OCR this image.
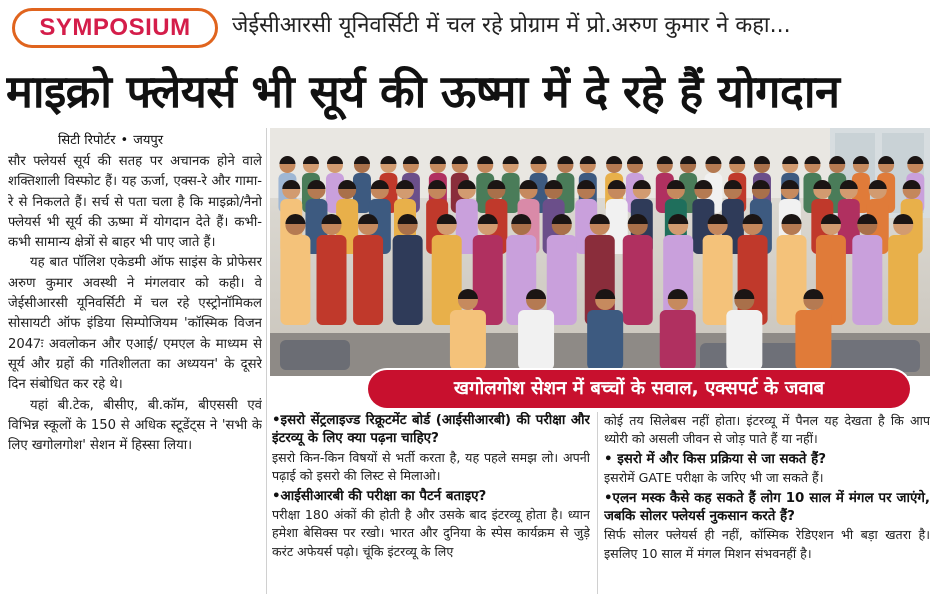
SYMPOSIUM	जेईसीआरसी यूनिवर्सिटी में चल रहे प्रोग्राम में प्रो.अरुण कुमार ने कहा...
माइक्रो फ्लेयर्स भी सूर्य की ऊष्मा में दे रहे हैं योगदान
सिटी रिपोर्टर • जयपुर

सौर फ्लेयर्स सूर्य की सतह पर अचानक होने वाले शक्तिशाली विस्फोट हैं। यह ऊर्जा, एक्स-रे और गामा-रे से निकलते हैं। सर्च से पता चला है कि माइक्रो/नैनो फ्लेयर्स भी सूर्य की ऊष्मा में योगदान देते हैं। कभी-कभी सामान्य क्षेत्रों से बाहर भी पाए जाते हैं।

यह बात पॉलिश एकेडमी ऑफ साइंस के प्रोफेसर अरुण कुमार अवस्थी ने मंगलवार को कही। वे जेईसीआरसी यूनिवर्सिटी में चल रहे एस्ट्रोनॉमिकल सोसायटी ऑफ इंडिया सिम्पोजियम 'कॉस्मिक विजन 2047ः अवलोकन और एआई/ एमएल के माध्यम से सूर्य और ग्रहों की गतिशीलता का अध्ययन' के दूसरे दिन संबोधित कर रहे थे।

यहां बी.टेक, बीसीए, बी.कॉम, बीएससी एवं विभिन्न स्कूलों के 150 से अधिक स्टूडेंट्स ने 'सभी के लिए खगोलगोश' सेशन में हिस्सा लिया।

खगोलगोश सेशन में बच्चों के सवाल, एक्सपर्ट के जवाब
•इसरो सेंट्रलाइज्ड रिक्रूटमेंट बोर्ड (आईसीआरबी) की परीक्षा और इंटरव्यू के लिए क्या पढ़ना चाहिए?
इसरो किन-किन विषयों से भर्ती करता है, यह पहले समझ लो। अपनी पढ़ाई को इसरो की लिस्ट से मिलाओ।
•आईसीआरबी की परीक्षा का पैटर्न बताइए?
परीक्षा 180 अंकों की होती है और उसके बाद इंटरव्यू होता है। ध्यान हमेशा बेसिक्स पर रखो। भारत और दुनिया के स्पेस कार्यक्रम से जुड़े करंट अफेयर्स पढ़ो। चूंकि इंटरव्यू के लिए
कोई तय सिलेबस नहीं होता। इंटरव्यू में पैनल यह देखता है कि आप थ्योरी को असली जीवन से जोड़ पाते हैं या नहीं।
• इसरो में और किस प्रक्रिया से जा सकते हैं?
इसरोमें GATE परीक्षा के जरिए भी जा सकते हैं।
•एलन मस्क कैसे कह सकते हैं लोग 10 साल में मंगल पर जाएंगे, जबकि सोलर फ्लेयर्स नुकसान करते हैं?
सिर्फ सोलर फ्लेयर्स ही नहीं, कॉस्मिक रेडिएशन भी बड़ा खतरा है। इसलिए 10 साल में मंगल मिशन संभवनहीं है।
